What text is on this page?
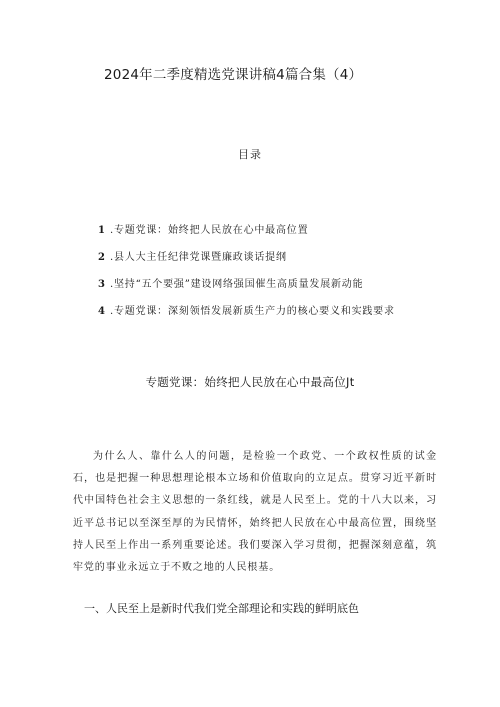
2024年二季度精选党课讲稿4篇合集（4）
目录
1 .专题党课：始终把人民放在心中最高位置
2 .县人大主任纪律党课暨廉政谈话提纲
3 .坚持“五个要强”建设网络强国催生高质量发展新动能
4 .专题党课：深刻领悟发展新质生产力的核心要义和实践要求
专题党课：始终把人民放在心中最高位Jt

为什么人、靠什么人的问题，是检验一个政党、一个政权性质的试金石，也是把握一种思想理论根本立场和价值取向的立足点。贯穿习近平新时代中国特色社会主义思想的一条红线，就是人民至上。党的十八大以来，习近平总书记以至深至厚的为民情怀，始终把人民放在心中最高位置，围绕坚持人民至上作出一系列重要论述。我们要深入学习贯彻，把握深刻意蕴，筑牢党的事业永远立于不败之地的人民根基。

一、人民至上是新时代我们党全部理论和实践的鲜明底色
